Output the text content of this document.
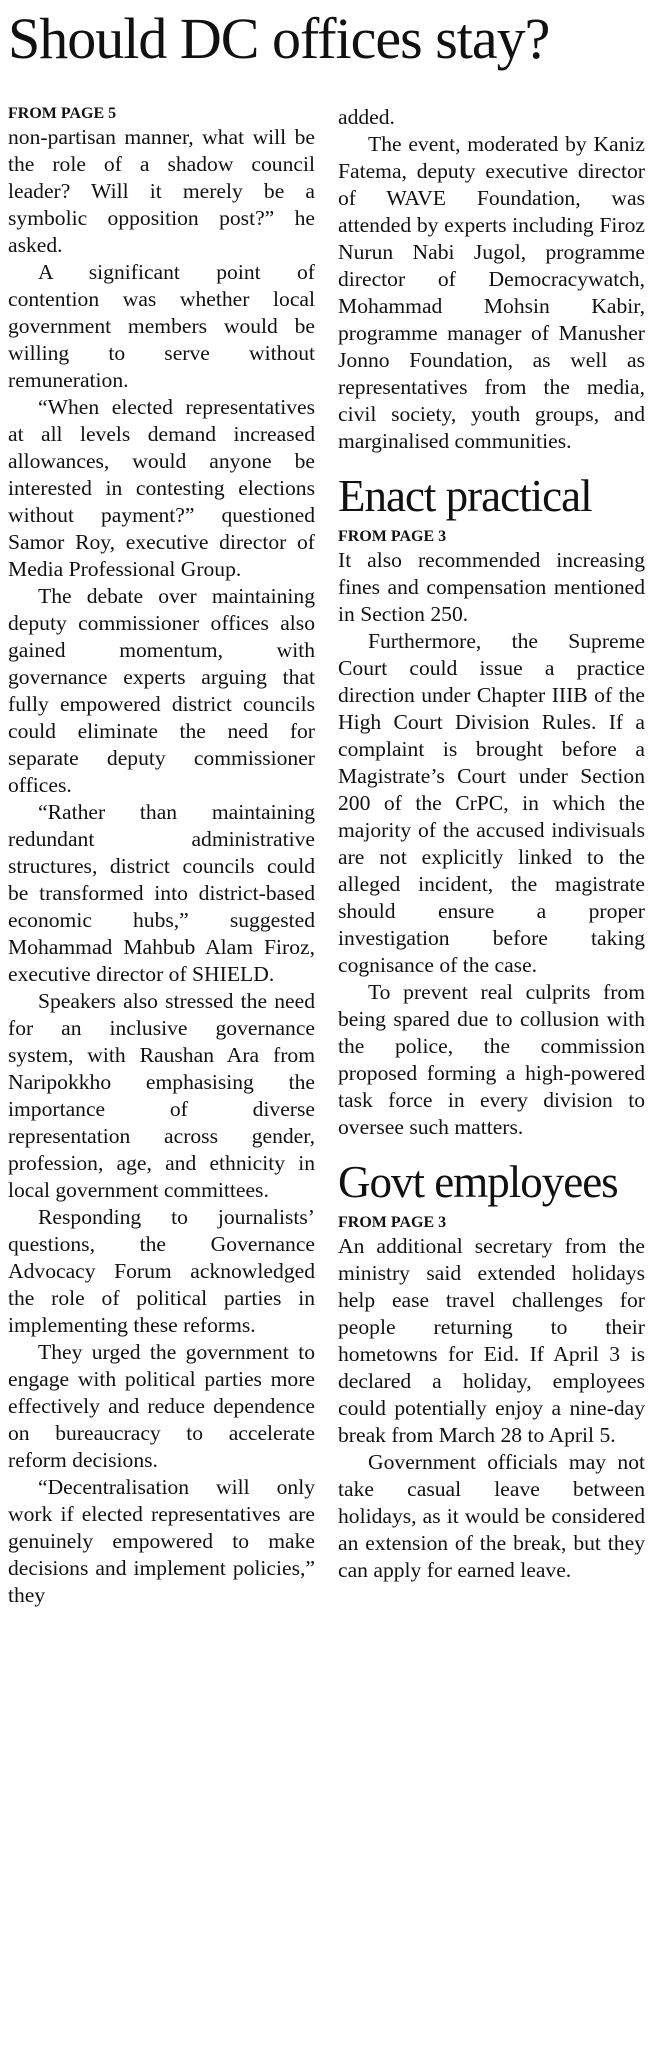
Should DC offices stay?
FROM PAGE 5

non-partisan manner, what will be the role of a shadow council leader? Will it merely be a symbolic opposition post?” he asked.

A significant point of contention was whether local government members would be willing to serve without remuneration.

“When elected representatives at all levels demand increased allowances, would anyone be interested in contesting elections without payment?” questioned Samor Roy, executive director of Media Professional Group.

The debate over maintaining deputy commissioner offices also gained momentum, with governance experts arguing that fully empowered district councils could eliminate the need for separate deputy commissioner offices.

“Rather than maintaining redundant administrative structures, district councils could be transformed into district-based economic hubs,” suggested Mohammad Mahbub Alam Firoz, executive director of SHIELD.

Speakers also stressed the need for an inclusive governance system, with Raushan Ara from Naripokkho emphasising the importance of diverse representation across gender, profession, age, and ethnicity in local government committees.

Responding to journalists’ questions, the Governance Advocacy Forum acknowledged the role of political parties in implementing these reforms.

They urged the government to engage with political parties more effectively and reduce dependence on bureaucracy to accelerate reform decisions.

“Decentralisation will only work if elected representatives are genuinely empowered to make decisions and implement policies,” they

added.

The event, moderated by Kaniz Fatema, deputy executive director of WAVE Foundation, was attended by experts including Firoz Nurun Nabi Jugol, programme director of Democracywatch, Mohammad Mohsin Kabir, programme manager of Manusher Jonno Foundation, as well as representatives from the media, civil society, youth groups, and marginalised communities.

Enact practical
FROM PAGE 3

It also recommended increasing fines and compensation mentioned in Section 250.

Furthermore, the Supreme Court could issue a practice direction under Chapter IIIB of the High Court Division Rules. If a complaint is brought before a Magistrate’s Court under Section 200 of the CrPC, in which the majority of the accused indivisuals are not explicitly linked to the alleged incident, the magistrate should ensure a proper investigation before taking cognisance of the case.

To prevent real culprits from being spared due to collusion with the police, the commission proposed forming a high-powered task force in every division to oversee such matters.

Govt employees
FROM PAGE 3

An additional secretary from the ministry said extended holidays help ease travel challenges for people returning to their hometowns for Eid. If April 3 is declared a holiday, employees could potentially enjoy a nine-day break from March 28 to April 5.

Government officials may not take casual leave between holidays, as it would be considered an extension of the break, but they can apply for earned leave.
